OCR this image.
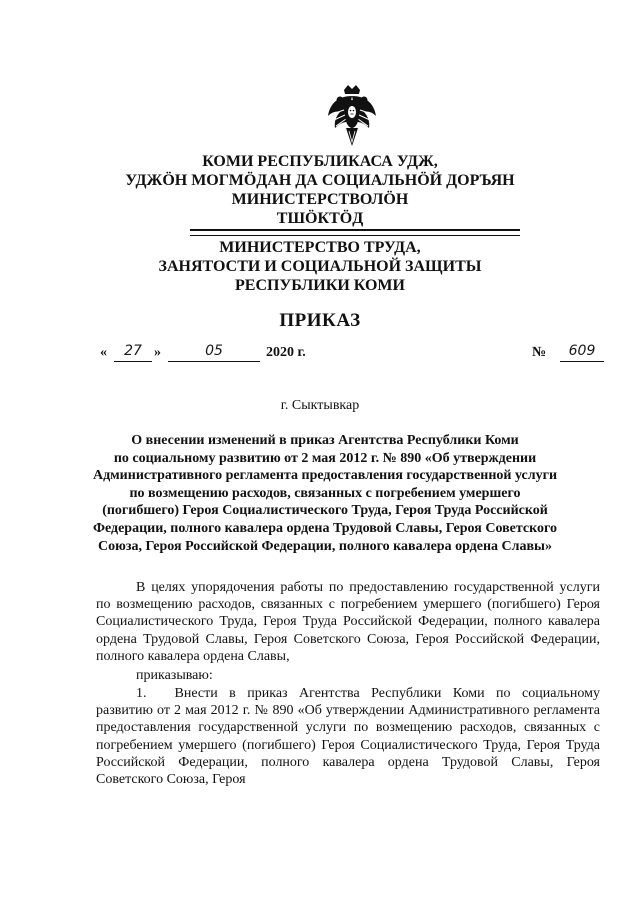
КОМИ РЕСПУБЛИКАСА УДЖ,
УДЖӦН МОГМӦДАН ДА СОЦИАЛЬНӦЙ ДОРЪЯН
МИНИСТЕРСТВОЛӦН
ТШӦКТӦД
МИНИСТЕРСТВО ТРУДА,
ЗАНЯТОСТИ И СОЦИАЛЬНОЙ ЗАЩИТЫ
РЕСПУБЛИКИ КОМИ
ПРИКАЗ
«	27 »	05	2020 г.	№	609
г. Сыктывкар
О внесении изменений в приказ Агентства Республики Коми
по социальному развитию от 2 мая 2012 г. № 890 «Об утверждении
Административного регламента предоставления государственной услуги
по возмещению расходов, связанных с погребением умершего
(погибшего) Героя Социалистического Труда, Героя Труда Российской
Федерации, полного кавалера ордена Трудовой Славы, Героя Советского
Союза, Героя Российской Федерации, полного кавалера ордена Славы»
В целях упорядочения работы по предоставлению государственной услуги по возмещению расходов, связанных с погребением умершего (погибшего) Героя Социалистического Труда, Героя Труда Российской Федерации, полного кавалера ордена Трудовой Славы, Героя Советского Союза, Героя Российской Федерации, полного кавалера ордена Славы,
приказываю:
1. Внести в приказ Агентства Республики Коми по социальному развитию от 2 мая 2012 г. № 890 «Об утверждении Административного регламента предоставления государственной услуги по возмещению расходов, связанных с погребением умершего (погибшего) Героя Социалистического Труда, Героя Труда Российской Федерации, полного кавалера ордена Трудовой Славы, Героя Советского Союза, Героя
